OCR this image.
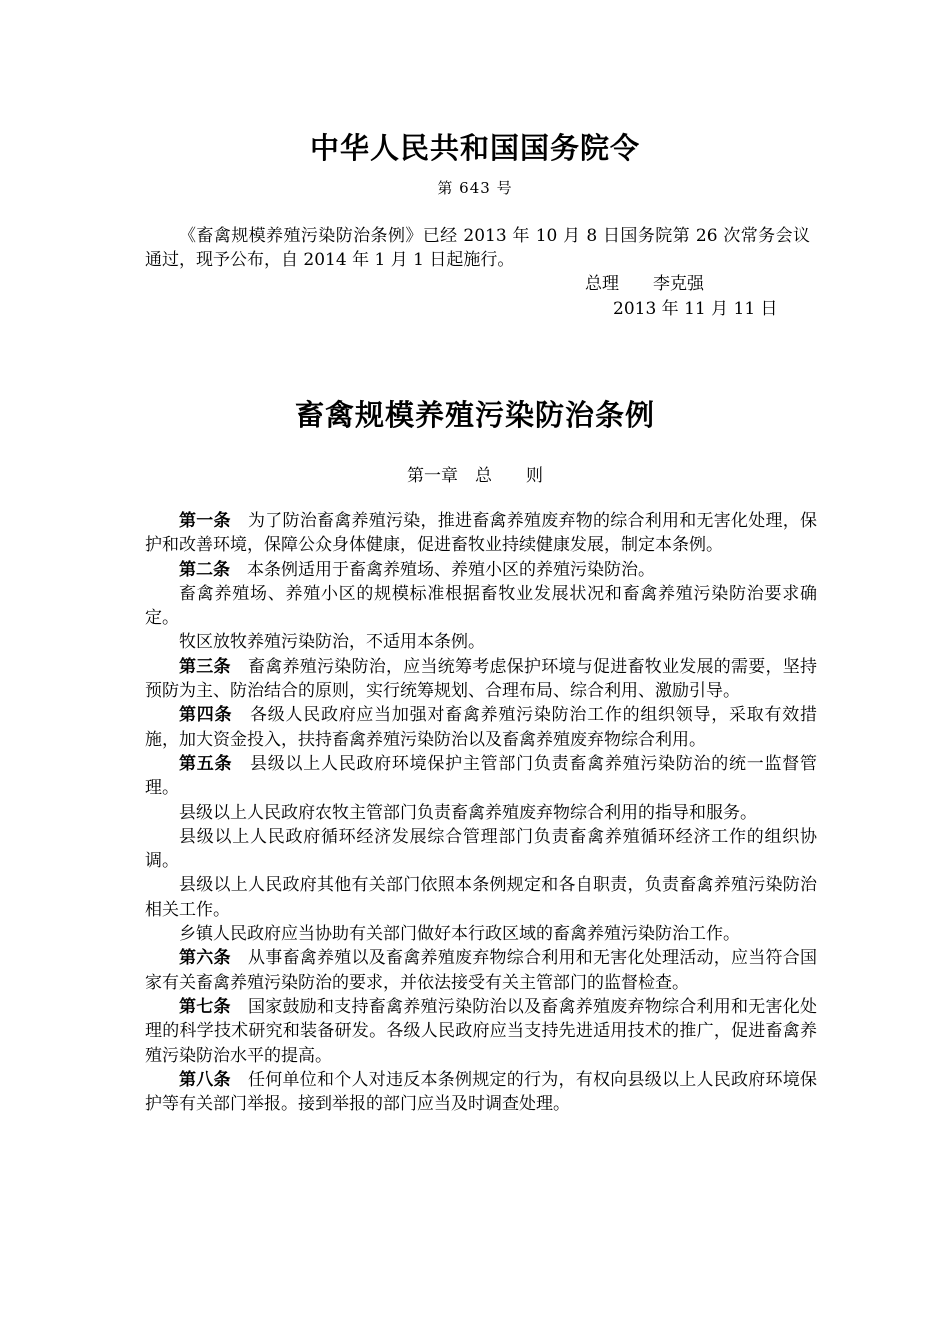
中华人民共和国国务院令
第 643 号

《畜禽规模养殖污染防治条例》已经 2013 年 10 月 8 日国务院第 26 次常务会议通过，现予公布，自 2014 年 1 月 1 日起施行。

总理　　李克强
2013 年 11 月 11 日
畜禽规模养殖污染防治条例
第一章　总　　则

第一条 为了防治畜禽养殖污染，推进畜禽养殖废弃物的综合利用和无害化处理，保护和改善环境，保障公众身体健康，促进畜牧业持续健康发展，制定本条例。

第二条 本条例适用于畜禽养殖场、养殖小区的养殖污染防治。

畜禽养殖场、养殖小区的规模标准根据畜牧业发展状况和畜禽养殖污染防治要求确定。

牧区放牧养殖污染防治，不适用本条例。

第三条 畜禽养殖污染防治，应当统筹考虑保护环境与促进畜牧业发展的需要，坚持预防为主、防治结合的原则，实行统筹规划、合理布局、综合利用、激励引导。

第四条 各级人民政府应当加强对畜禽养殖污染防治工作的组织领导，采取有效措施，加大资金投入，扶持畜禽养殖污染防治以及畜禽养殖废弃物综合利用。

第五条 县级以上人民政府环境保护主管部门负责畜禽养殖污染防治的统一监督管理。

县级以上人民政府农牧主管部门负责畜禽养殖废弃物综合利用的指导和服务。

县级以上人民政府循环经济发展综合管理部门负责畜禽养殖循环经济工作的组织协调。

县级以上人民政府其他有关部门依照本条例规定和各自职责，负责畜禽养殖污染防治相关工作。

乡镇人民政府应当协助有关部门做好本行政区域的畜禽养殖污染防治工作。

第六条 从事畜禽养殖以及畜禽养殖废弃物综合利用和无害化处理活动，应当符合国家有关畜禽养殖污染防治的要求，并依法接受有关主管部门的监督检查。

第七条 国家鼓励和支持畜禽养殖污染防治以及畜禽养殖废弃物综合利用和无害化处理的科学技术研究和装备研发。各级人民政府应当支持先进适用技术的推广，促进畜禽养殖污染防治水平的提高。

第八条 任何单位和个人对违反本条例规定的行为，有权向县级以上人民政府环境保护等有关部门举报。接到举报的部门应当及时调查处理。
